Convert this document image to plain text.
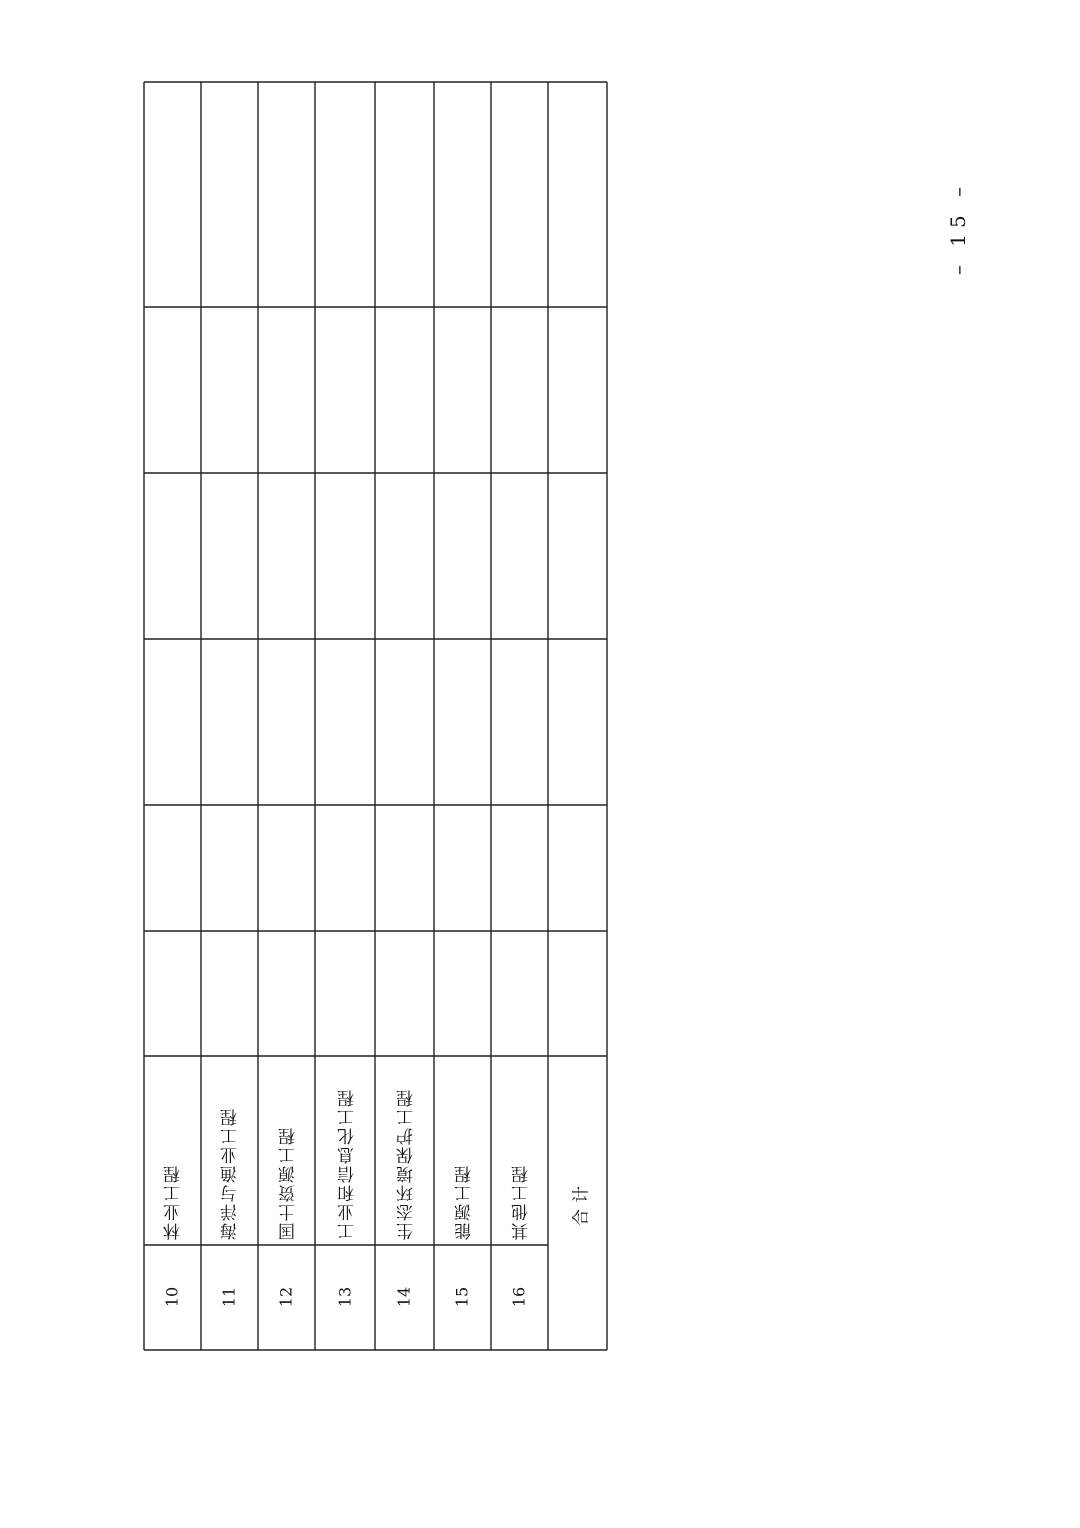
10
林业工程
11
海洋与渔业工程
12
国土资源工程
13
工业和信息化工程
14
生态环境保护工程
15
能源工程
16
其他工程 合计
– 15 –
